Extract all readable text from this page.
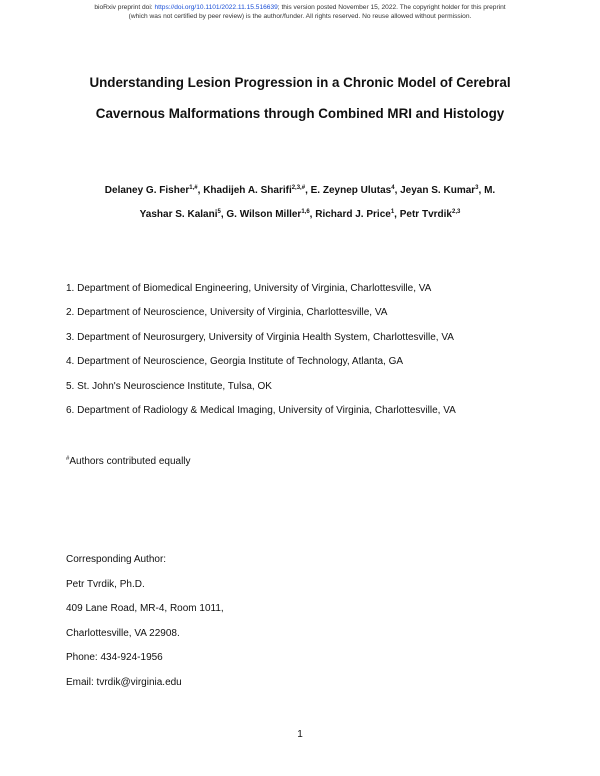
bioRxiv preprint doi: https://doi.org/10.1101/2022.11.15.516639; this version posted November 15, 2022. The copyright holder for this preprint
(which was not certified by peer review) is the author/funder. All rights reserved. No reuse allowed without permission.
Understanding Lesion Progression in a Chronic Model of Cerebral
Cavernous Malformations through Combined MRI and Histology
Delaney G. Fisher$^{1,\#}$, Khadijeh A. Sharifi$^{2,3,\#}$, E. Zeynep Ulutas$^4$, Jeyan S. Kumar$^3$, M.
Yashar S. Kalani$^5$, G. Wilson Miller$^{1,6}$, Richard J. Price$^1$, Petr Tvrdik$^{2,3}$
1. Department of Biomedical Engineering, University of Virginia, Charlottesville, VA
2. Department of Neuroscience, University of Virginia, Charlottesville, VA
3. Department of Neurosurgery, University of Virginia Health System, Charlottesville, VA
4. Department of Neuroscience, Georgia Institute of Technology, Atlanta, GA
5. St. John's Neuroscience Institute, Tulsa, OK
6. Department of Radiology & Medical Imaging, University of Virginia, Charlottesville, VA
#Authors contributed equally
Corresponding Author:
Petr Tvrdik, Ph.D.
409 Lane Road, MR-4, Room 1011,
Charlottesville, VA 22908.
Phone: 434-924-1956
Email: tvrdik@virginia.edu
1
